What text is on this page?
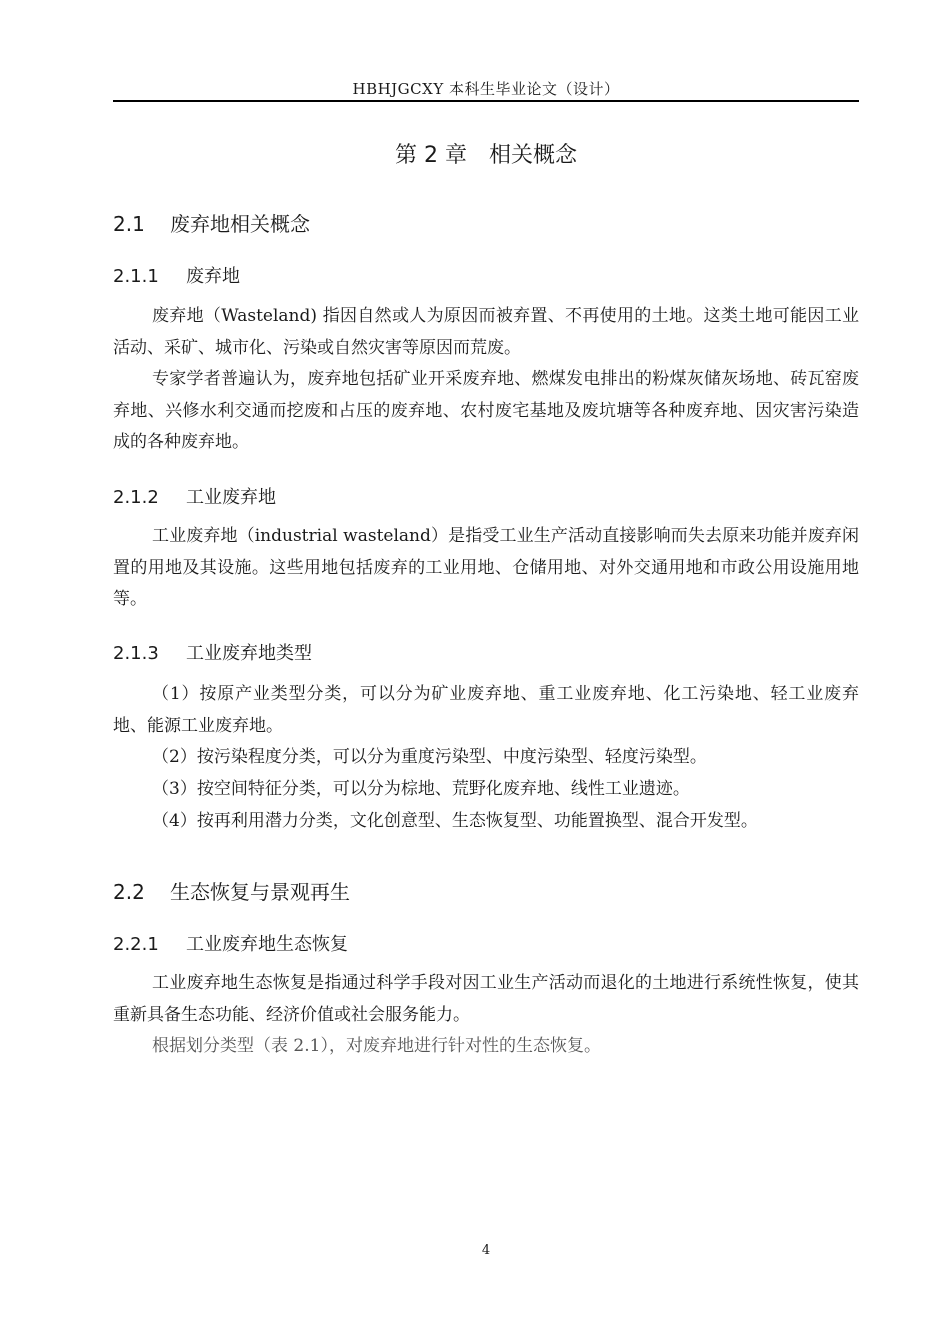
HBHJGCXY 本科生毕业论文（设计）
第 2 章　相关概念
2.1 废弃地相关概念
2.1.1 废弃地
废弃地（Wasteland) 指因自然或人为原因而被弃置、不再使用的土地。这类土地可能因工业活动、采矿、城市化、污染或自然灾害等原因而荒废。
专家学者普遍认为，废弃地包括矿业开采废弃地、燃煤发电排出的粉煤灰储灰场地、砖瓦窑废弃地、兴修水利交通而挖废和占压的废弃地、农村废宅基地及废坑塘等各种废弃地、因灾害污染造成的各种废弃地。
2.1.2 工业废弃地
工业废弃地（industrial wasteland）是指受工业生产活动直接影响而失去原来功能并废弃闲置的用地及其设施。这些用地包括废弃的工业用地、仓储用地、对外交通用地和市政公用设施用地等。
2.1.3 工业废弃地类型
（1）按原产业类型分类，可以分为矿业废弃地、重工业废弃地、化工污染地、轻工业废弃地、能源工业废弃地。
（2）按污染程度分类，可以分为重度污染型、中度污染型、轻度污染型。
（3）按空间特征分类，可以分为棕地、荒野化废弃地、线性工业遗迹。
（4）按再利用潜力分类，文化创意型、生态恢复型、功能置换型、混合开发型。
2.2 生态恢复与景观再生
2.2.1 工业废弃地生态恢复
工业废弃地生态恢复是指通过科学手段对因工业生产活动而退化的土地进行系统性恢复，使其重新具备生态功能、经济价值或社会服务能力。
根据划分类型（表 2.1），对废弃地进行针对性的生态恢复。
4
